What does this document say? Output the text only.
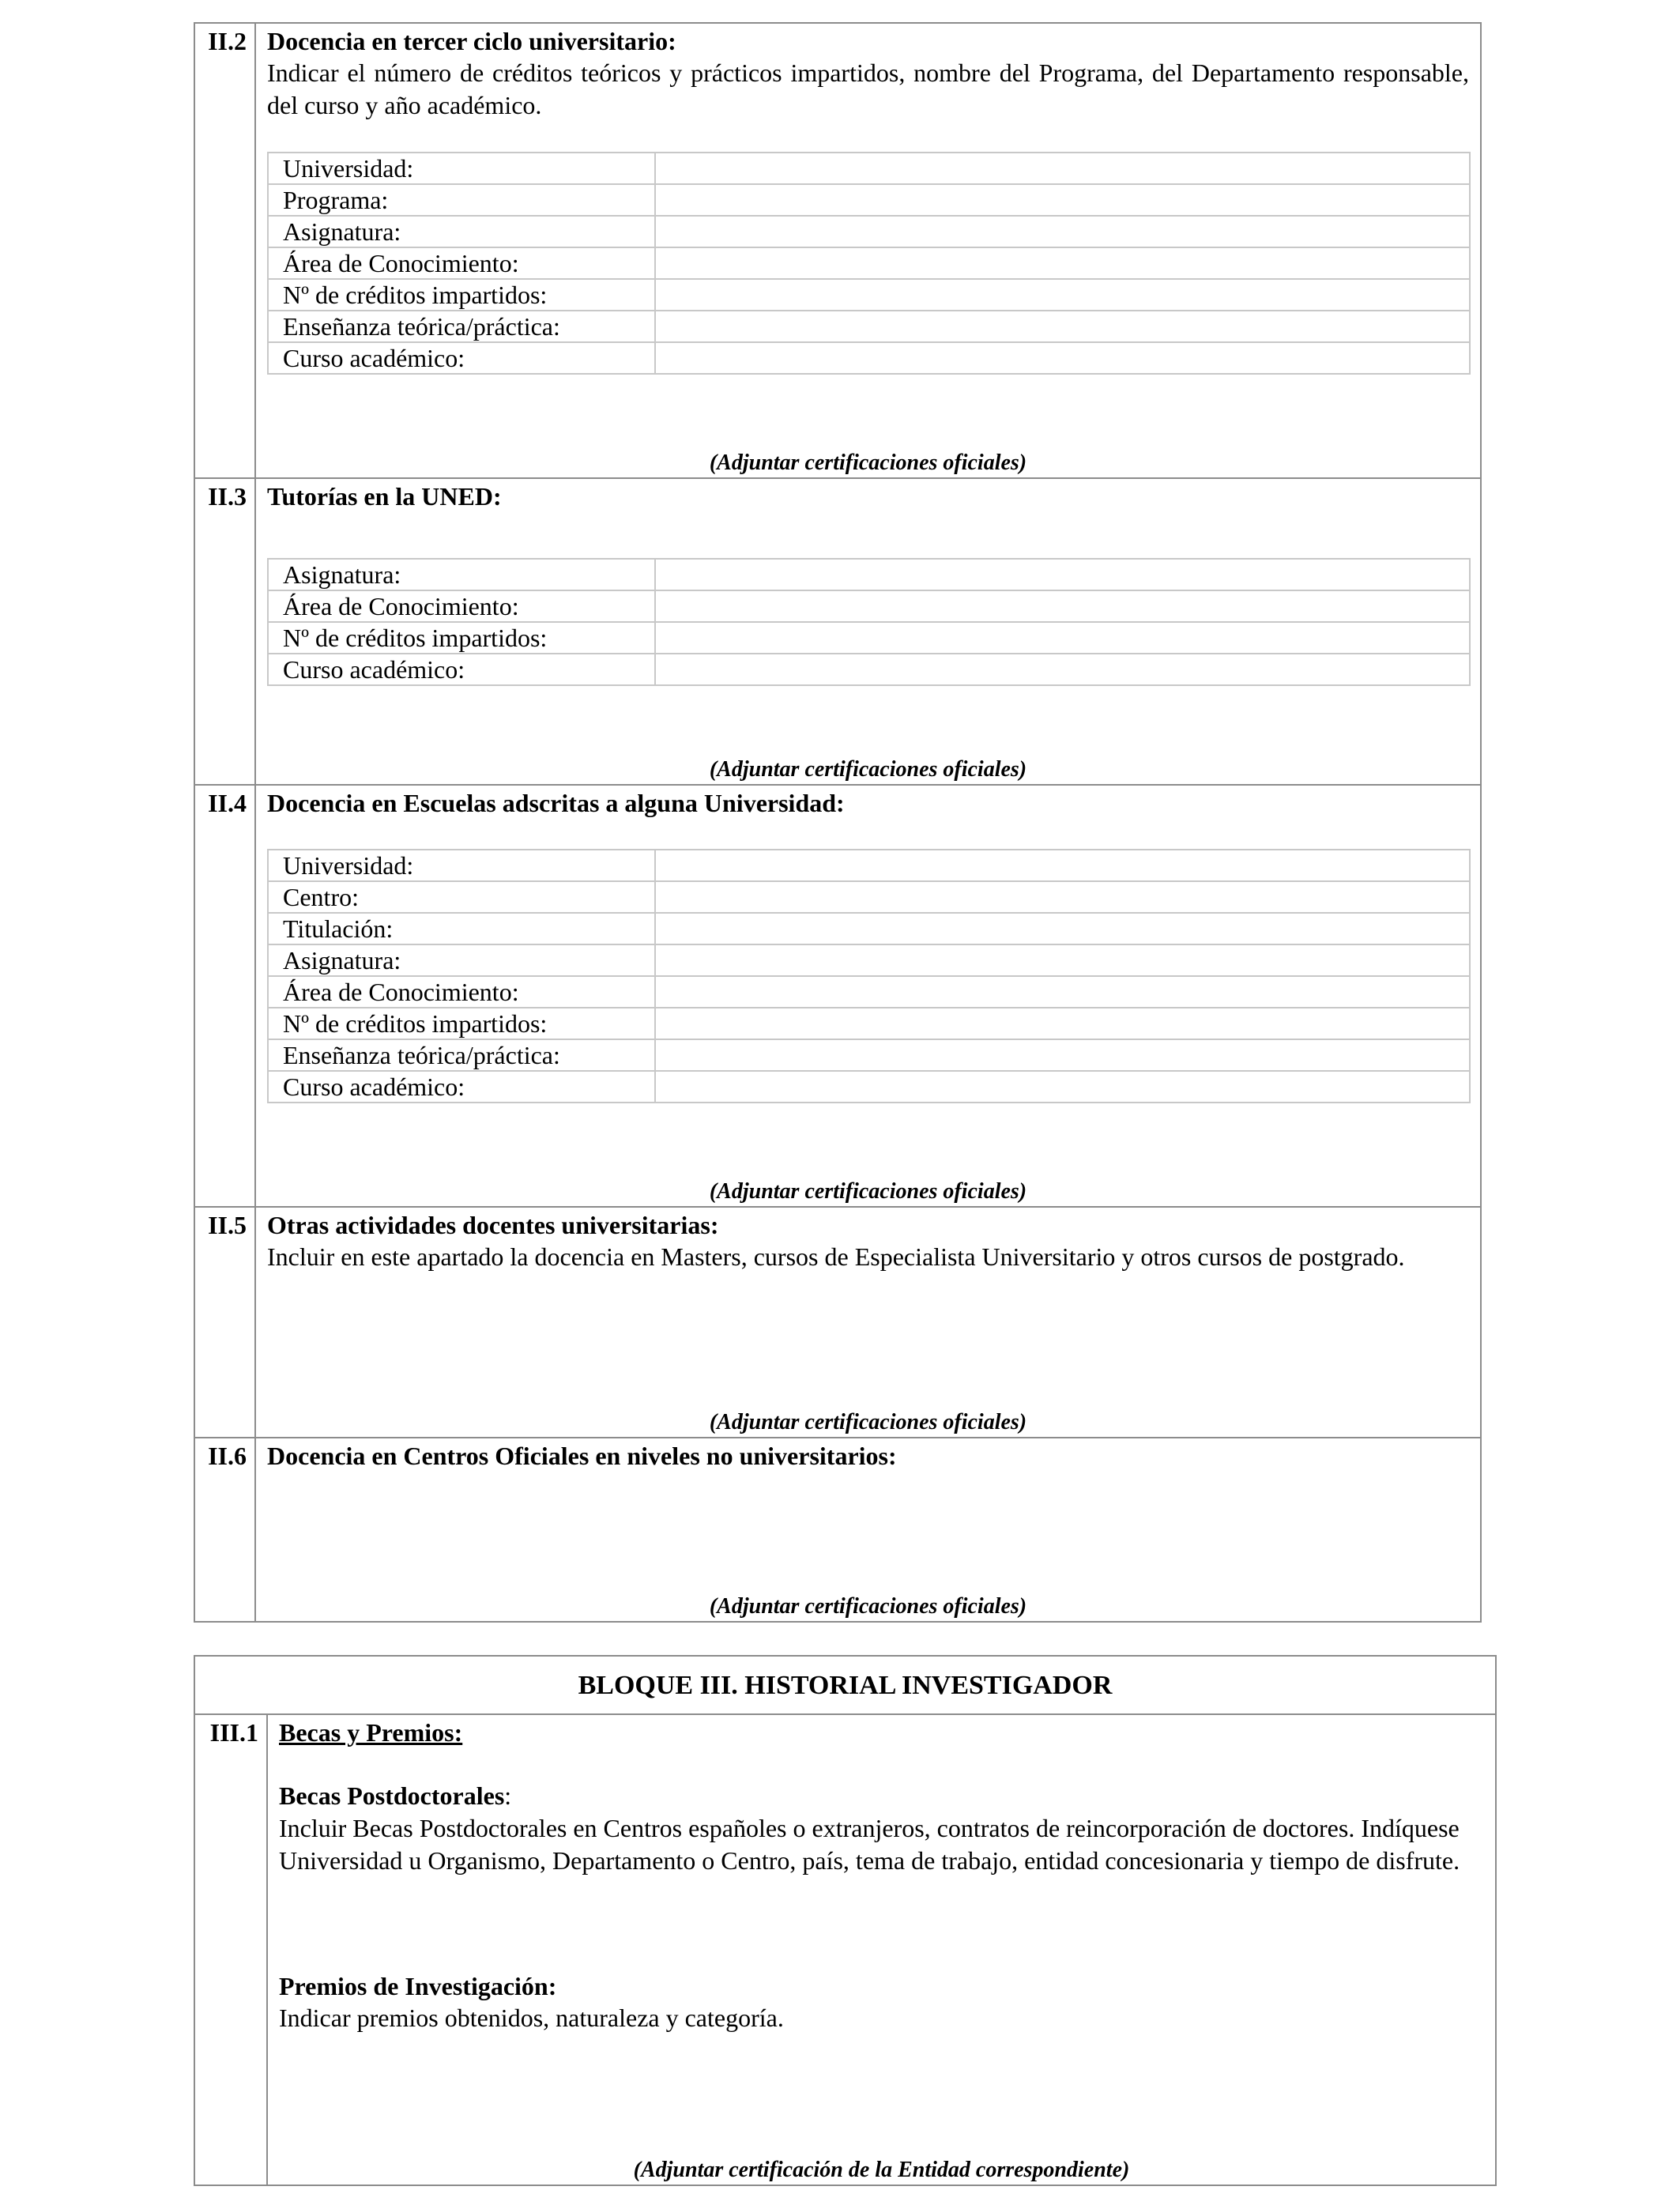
II.2 Docencia en tercer ciclo universitario:
Indicar el número de créditos teóricos y prácticos impartidos, nombre del Programa, del Departamento responsable, del curso y año académico.
Universidad:	
Programa:	
Asignatura:	
Área de Conocimiento:	
Nº de créditos impartidos:	
Enseñanza teórica/práctica:	
Curso académico:	
(Adjuntar certificaciones oficiales)
II.3 Tutorías en la UNED:
Asignatura:	
Área de Conocimiento:	
Nº de créditos impartidos:	
Curso académico:	
(Adjuntar certificaciones oficiales)
II.4 Docencia en Escuelas adscritas a alguna Universidad:
Universidad:	
Centro:	
Titulación:	
Asignatura:	
Área de Conocimiento:	
Nº de créditos impartidos:	
Enseñanza teórica/práctica:	
Curso académico:	
(Adjuntar certificaciones oficiales)
II.5 Otras actividades docentes universitarias:
Incluir en este apartado la docencia en Masters, cursos de Especialista Universitario y otros cursos de postgrado.
(Adjuntar certificaciones oficiales)
II.6 Docencia en Centros Oficiales en niveles no universitarios:
(Adjuntar certificaciones oficiales)
BLOQUE III. HISTORIAL INVESTIGADOR
III.1 Becas y Premios:
Becas Postdoctorales:
Incluir Becas Postdoctorales en Centros españoles o extranjeros, contratos de reincorporación de doctores. Indíquese Universidad u Organismo, Departamento o Centro, país, tema de trabajo, entidad concesionaria y tiempo de disfrute.
Premios de Investigación:
Indicar premios obtenidos, naturaleza y categoría.
(Adjuntar certificación de la Entidad correspondiente)
